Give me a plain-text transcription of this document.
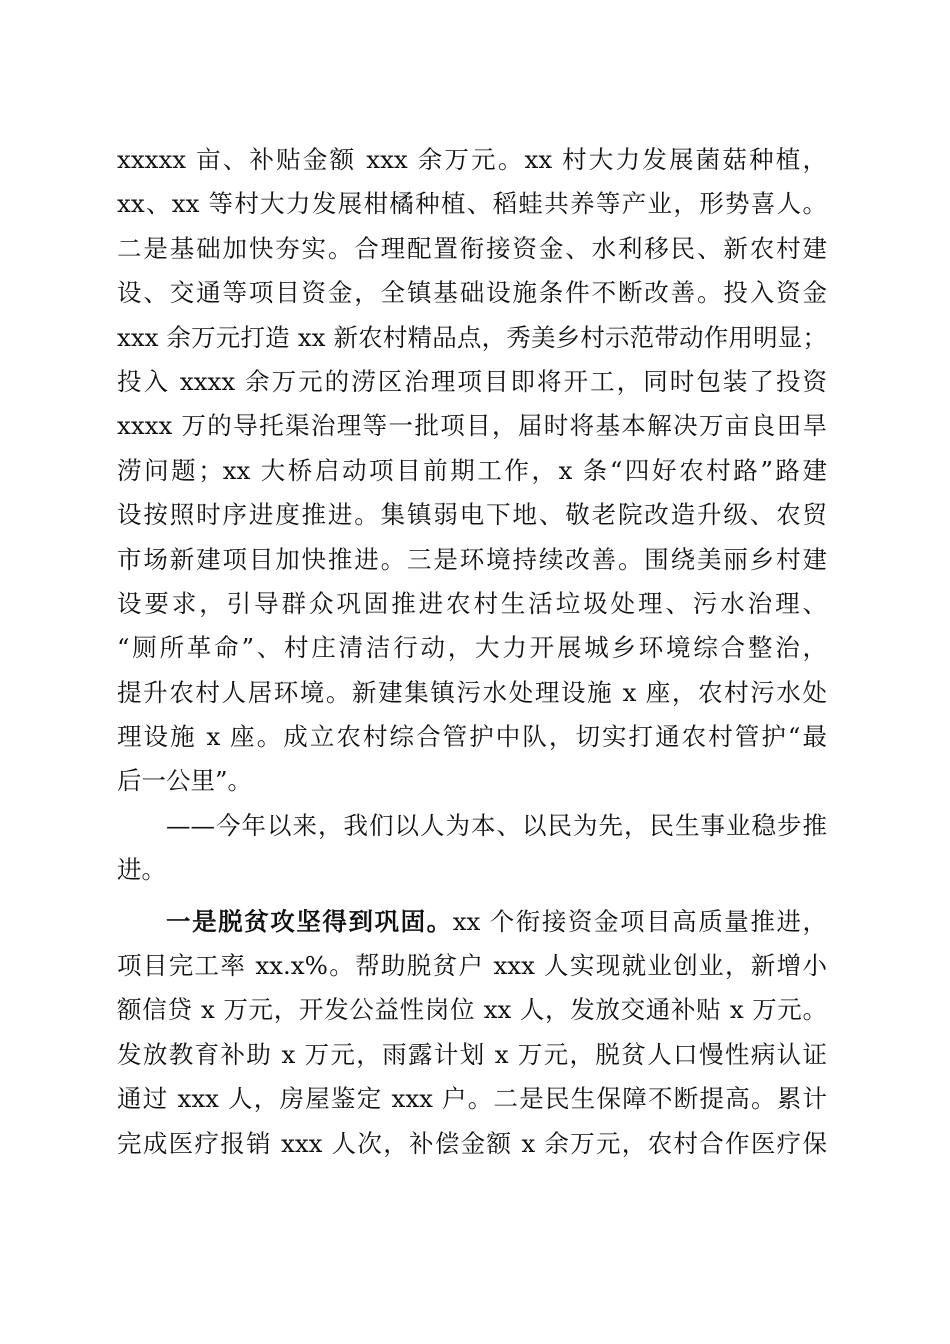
xxxxx 亩、补贴金额 xxx 余万元。xx 村大力发展菌菇种植，
xx、xx 等村大力发展柑橘种植、稻蛙共养等产业，形势喜人。
二是基础加快夯实。合理配置衔接资金、水利移民、新农村建
设、交通等项目资金，全镇基础设施条件不断改善。投入资金
xxx 余万元打造 xx 新农村精品点，秀美乡村示范带动作用明显；
投入 xxxx 余万元的涝区治理项目即将开工，同时包装了投资
xxxx 万的导托渠治理等一批项目，届时将基本解决万亩良田旱
涝问题；xx 大桥启动项目前期工作，x 条“四好农村路”路建
设按照时序进度推进。集镇弱电下地、敬老院改造升级、农贸
市场新建项目加快推进。三是环境持续改善。围绕美丽乡村建
设要求，引导群众巩固推进农村生活垃圾处理、污水治理、
“厕所革命”、村庄清洁行动，大力开展城乡环境综合整治，
提升农村人居环境。新建集镇污水处理设施 x 座，农村污水处
理设施 x 座。成立农村综合管护中队，切实打通农村管护“最
后一公里”。
——今年以来，我们以人为本、以民为先，民生事业稳步推
进。
一是脱贫攻坚得到巩固。xx 个衔接资金项目高质量推进，
项目完工率 xx.x%。帮助脱贫户 xxx 人实现就业创业，新增小
额信贷 x 万元，开发公益性岗位 xx 人，发放交通补贴 x 万元。
发放教育补助 x 万元，雨露计划 x 万元，脱贫人口慢性病认证
通过 xxx 人，房屋鉴定 xxx 户。二是民生保障不断提高。累计
完成医疗报销 xxx 人次，补偿金额 x 余万元，农村合作医疗保
